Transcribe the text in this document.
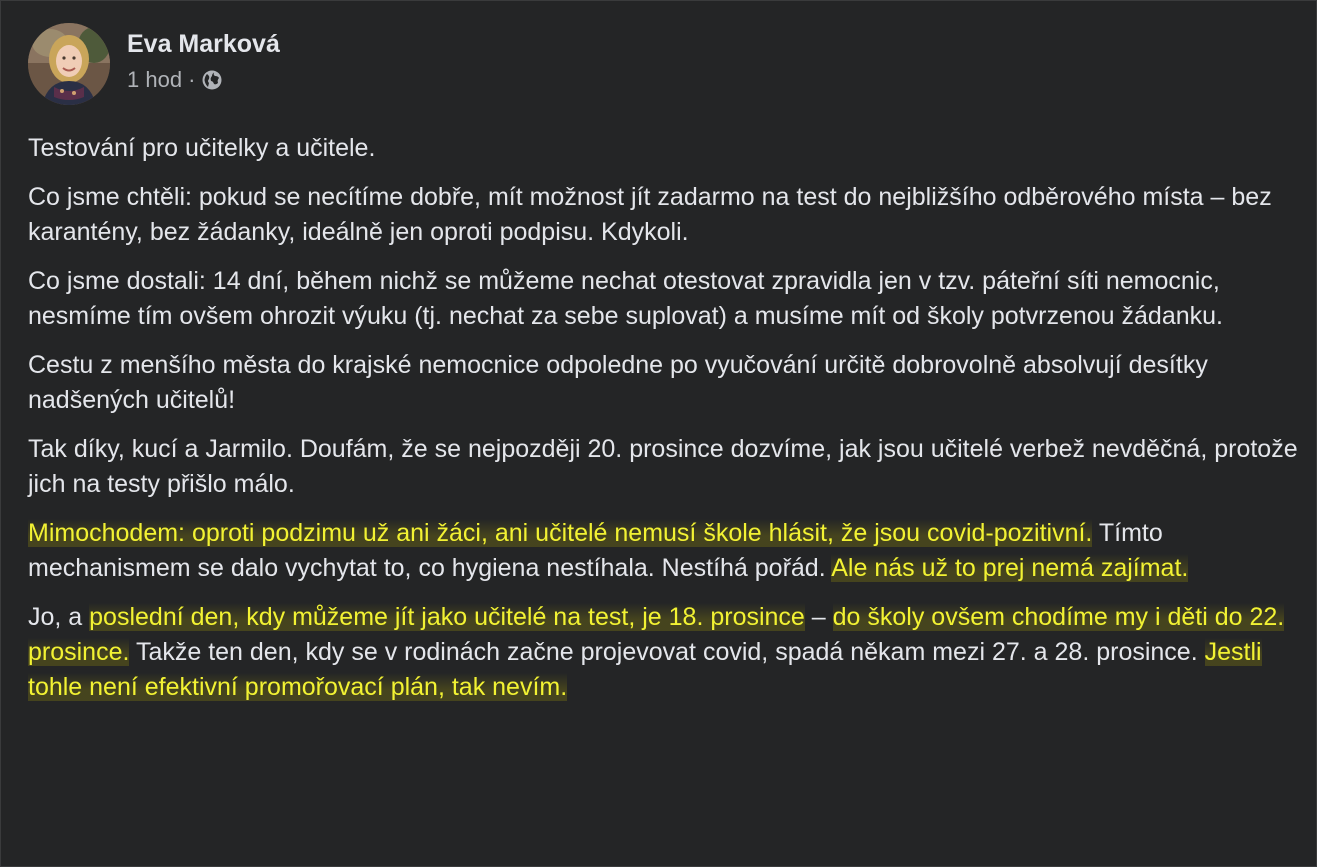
Eva Marková
1 hod ·

Testování pro učitelky a učitele.

Co jsme chtěli: pokud se necítíme dobře, mít možnost jít zadarmo na test do nejbližšího odběrového místa – bez karantény, bez žádanky, ideálně jen oproti podpisu. Kdykoli.

Co jsme dostali: 14 dní, během nichž se můžeme nechat otestovat zpravidla jen v tzv. páteřní síti nemocnic, nesmíme tím ovšem ohrozit výuku (tj. nechat za sebe suplovat) a musíme mít od školy potvrzenou žádanku.

Cestu z menšího města do krajské nemocnice odpoledne po vyučování určitě dobrovolně absolvují desítky nadšených učitelů!

Tak díky, kucí a Jarmilo. Doufám, že se nejpozději 20. prosince dozvíme, jak jsou učitelé verbež nevděčná, protože jich na testy přišlo málo.

Mimochodem: oproti podzimu už ani žáci, ani učitelé nemusí škole hlásit, že jsou covid-pozitivní. Tímto mechanismem se dalo vychytat to, co hygiena nestíhala. Nestíhá pořád. Ale nás už to prej nemá zajímat.

Jo, a poslední den, kdy můžeme jít jako učitelé na test, je 18. prosince – do školy ovšem chodíme my i děti do 22. prosince. Takže ten den, kdy se v rodinách začne projevovat covid, spadá někam mezi 27. a 28. prosince. Jestli tohle není efektivní promořovací plán, tak nevím.
